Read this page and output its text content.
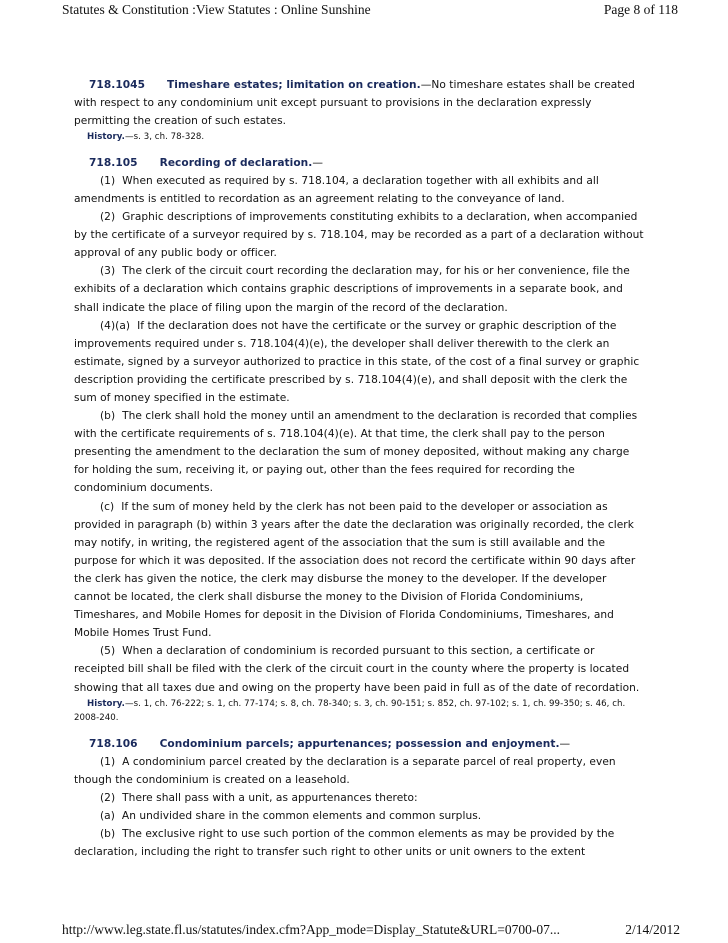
Statutes & Constitution :View Statutes : Online Sunshine	Page 8 of 118

718.1045 Timeshare estates; limitation on creation.—No timeshare estates shall be created with respect to any condominium unit except pursuant to provisions in the declaration expressly permitting the creation of such estates.

History.—s. 3, ch. 78-328.

718.105 Recording of declaration.—

(1) When executed as required by s. 718.104, a declaration together with all exhibits and all amendments is entitled to recordation as an agreement relating to the conveyance of land.

(2) Graphic descriptions of improvements constituting exhibits to a declaration, when accompanied by the certificate of a surveyor required by s. 718.104, may be recorded as a part of a declaration without approval of any public body or officer.

(3) The clerk of the circuit court recording the declaration may, for his or her convenience, file the exhibits of a declaration which contains graphic descriptions of improvements in a separate book, and shall indicate the place of filing upon the margin of the record of the declaration.

(4)(a) If the declaration does not have the certificate or the survey or graphic description of the improvements required under s. 718.104(4)(e), the developer shall deliver therewith to the clerk an estimate, signed by a surveyor authorized to practice in this state, of the cost of a final survey or graphic description providing the certificate prescribed by s. 718.104(4)(e), and shall deposit with the clerk the sum of money specified in the estimate.

(b) The clerk shall hold the money until an amendment to the declaration is recorded that complies with the certificate requirements of s. 718.104(4)(e). At that time, the clerk shall pay to the person presenting the amendment to the declaration the sum of money deposited, without making any charge for holding the sum, receiving it, or paying out, other than the fees required for recording the condominium documents.

(c) If the sum of money held by the clerk has not been paid to the developer or association as provided in paragraph (b) within 3 years after the date the declaration was originally recorded, the clerk may notify, in writing, the registered agent of the association that the sum is still available and the purpose for which it was deposited. If the association does not record the certificate within 90 days after the clerk has given the notice, the clerk may disburse the money to the developer. If the developer cannot be located, the clerk shall disburse the money to the Division of Florida Condominiums, Timeshares, and Mobile Homes for deposit in the Division of Florida Condominiums, Timeshares, and Mobile Homes Trust Fund.

(5) When a declaration of condominium is recorded pursuant to this section, a certificate or receipted bill shall be filed with the clerk of the circuit court in the county where the property is located showing that all taxes due and owing on the property have been paid in full as of the date of recordation.

History.—s. 1, ch. 76-222; s. 1, ch. 77-174; s. 8, ch. 78-340; s. 3, ch. 90-151; s. 852, ch. 97-102; s. 1, ch. 99-350; s. 46, ch. 2008-240.

718.106 Condominium parcels; appurtenances; possession and enjoyment.—

(1) A condominium parcel created by the declaration is a separate parcel of real property, even though the condominium is created on a leasehold.

(2) There shall pass with a unit, as appurtenances thereto:

(a) An undivided share in the common elements and common surplus.

(b) The exclusive right to use such portion of the common elements as may be provided by the declaration, including the right to transfer such right to other units or unit owners to the extent

http://www.leg.state.fl.us/statutes/index.cfm?App_mode=Display_Statute&URL=0700-07...	2/14/2012
